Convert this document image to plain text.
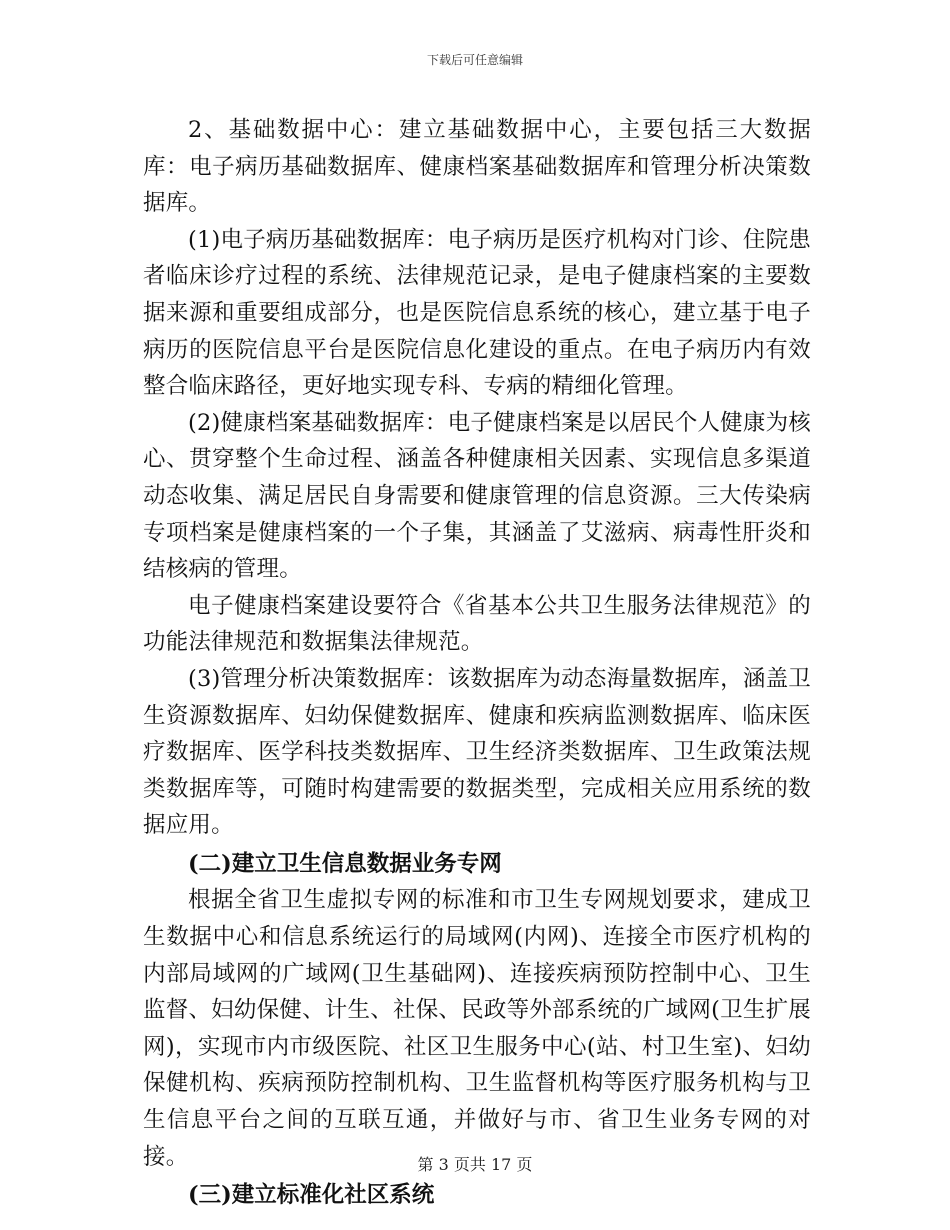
下载后可任意编辑

2、基础数据中心：建立基础数据中心，主要包括三大数据库：电子病历基础数据库、健康档案基础数据库和管理分析决策数据库。

(1)电子病历基础数据库：电子病历是医疗机构对门诊、住院患者临床诊疗过程的系统、法律规范记录，是电子健康档案的主要数据来源和重要组成部分，也是医院信息系统的核心，建立基于电子病历的医院信息平台是医院信息化建设的重点。在电子病历内有效整合临床路径，更好地实现专科、专病的精细化管理。

(2)健康档案基础数据库：电子健康档案是以居民个人健康为核心、贯穿整个生命过程、涵盖各种健康相关因素、实现信息多渠道动态收集、满足居民自身需要和健康管理的信息资源。三大传染病专项档案是健康档案的一个子集，其涵盖了艾滋病、病毒性肝炎和结核病的管理。

电子健康档案建设要符合《省基本公共卫生服务法律规范》的功能法律规范和数据集法律规范。

(3)管理分析决策数据库：该数据库为动态海量数据库，涵盖卫生资源数据库、妇幼保健数据库、健康和疾病监测数据库、临床医疗数据库、医学科技类数据库、卫生经济类数据库、卫生政策法规类数据库等，可随时构建需要的数据类型，完成相关应用系统的数据应用。

(二)建立卫生信息数据业务专网

根据全省卫生虚拟专网的标准和市卫生专网规划要求，建成卫生数据中心和信息系统运行的局域网(内网)、连接全市医疗机构的内部局域网的广域网(卫生基础网)、连接疾病预防控制中心、卫生监督、妇幼保健、计生、社保、民政等外部系统的广域网(卫生扩展网)，实现市内市级医院、社区卫生服务中心(站、村卫生室)、妇幼保健机构、疾病预防控制机构、卫生监督机构等医疗服务机构与卫生信息平台之间的互联互通，并做好与市、省卫生业务专网的对接。

(三)建立标准化社区系统

第 3 页共 17 页
